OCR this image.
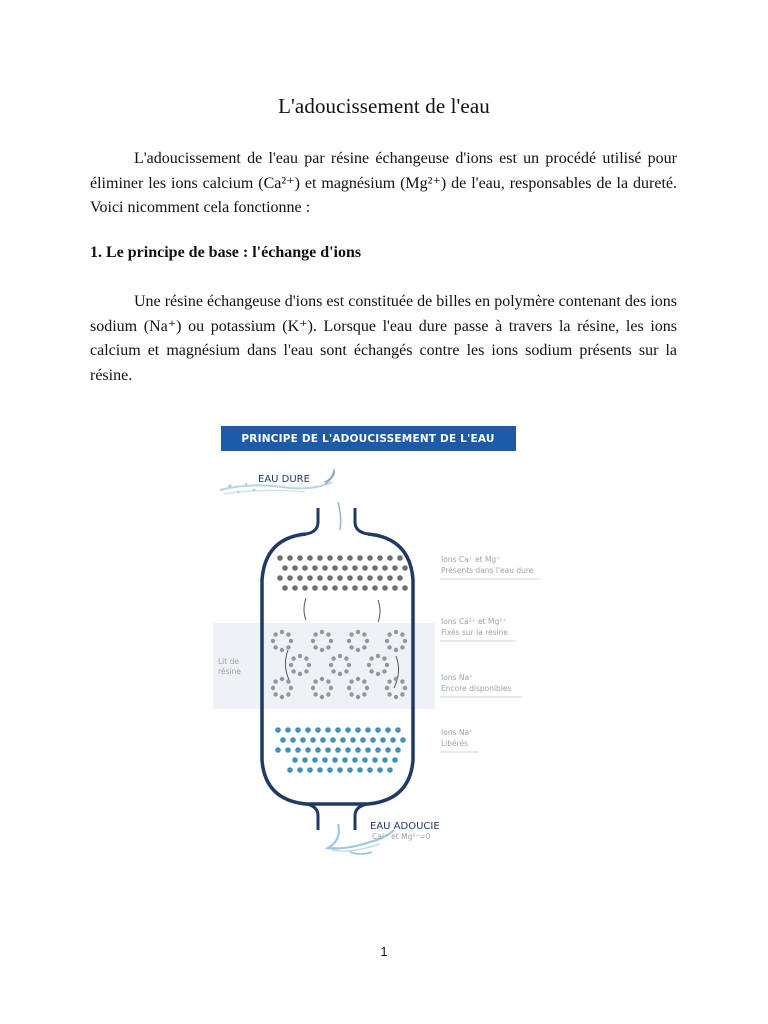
L'adoucissement de l'eau

L'adoucissement de l'eau par résine échangeuse d'ions est un procédé utilisé pour éliminer les ions calcium (Ca²⁺) et magnésium (Mg²⁺) de l'eau, responsables de la dureté. Voici nicomment cela fonctionne :

1. Le principe de base : l'échange d'ions

Une résine échangeuse d'ions est constituée de billes en polymère contenant des ions sodium (Na⁺) ou potassium (K⁺). Lorsque l'eau dure passe à travers la résine, les ions calcium et magnésium dans l'eau sont échangés contre les ions sodium présents sur la résine.

PRINCIPE DE L'ADOUCISSEMENT DE L'EAU
Lit de
résine
EAU DURE
EAU ADOUCIE
Ca²⁺ et Mg²⁺=0
Ions Ca⁺ et Mg⁺
Présents dans l'eau dure
Ions Ca²⁺ et Mg²⁺
Fixés sur la résine
Ions Na⁺
Encore disponibles
Ions Na⁺
Libérés
1
